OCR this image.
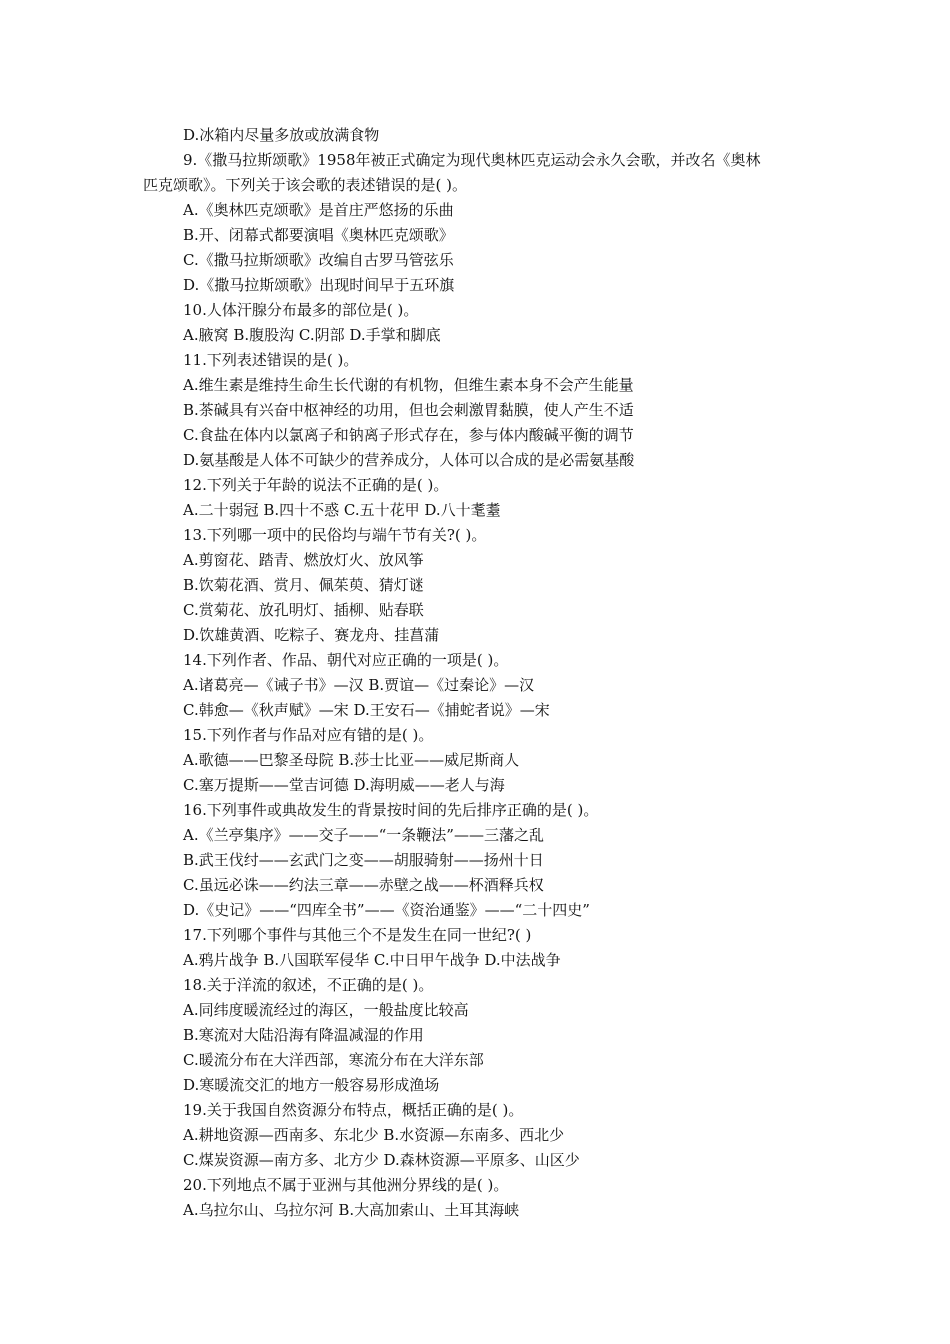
D.冰箱内尽量多放或放满食物
9.《撒马拉斯颂歌》1958年被正式确定为现代奥林匹克运动会永久会歌，并改名《奥林
匹克颂歌》。下列关于该会歌的表述错误的是( )。
A.《奥林匹克颂歌》是首庄严悠扬的乐曲
B.开、闭幕式都要演唱《奥林匹克颂歌》
C.《撒马拉斯颂歌》改编自古罗马管弦乐
D.《撒马拉斯颂歌》出现时间早于五环旗
10.人体汗腺分布最多的部位是( )。
A.腋窝 B.腹股沟 C.阴部 D.手掌和脚底
11.下列表述错误的是( )。
A.维生素是维持生命生长代谢的有机物，但维生素本身不会产生能量
B.茶碱具有兴奋中枢神经的功用，但也会刺激胃黏膜，使人产生不适
C.食盐在体内以氯离子和钠离子形式存在，参与体内酸碱平衡的调节
D.氨基酸是人体不可缺少的营养成分，人体可以合成的是必需氨基酸
12.下列关于年龄的说法不正确的是( )。
A.二十弱冠 B.四十不惑 C.五十花甲 D.八十耄耋
13.下列哪一项中的民俗均与端午节有关?( )。
A.剪窗花、踏青、燃放灯火、放风筝
B.饮菊花酒、赏月、佩茱萸、猜灯谜
C.赏菊花、放孔明灯、插柳、贴春联
D.饮雄黄酒、吃粽子、赛龙舟、挂菖蒲
14.下列作者、作品、朝代对应正确的一项是( )。
A.诸葛亮—《诫子书》—汉 B.贾谊—《过秦论》—汉
C.韩愈—《秋声赋》—宋 D.王安石—《捕蛇者说》—宋
15.下列作者与作品对应有错的是( )。
A.歌德——巴黎圣母院 B.莎士比亚——威尼斯商人
C.塞万提斯——堂吉诃德 D.海明威——老人与海
16.下列事件或典故发生的背景按时间的先后排序正确的是( )。
A.《兰亭集序》——交子——“一条鞭法”——三藩之乱
B.武王伐纣——玄武门之变——胡服骑射——扬州十日
C.虽远必诛——约法三章——赤壁之战——杯酒释兵权
D.《史记》——“四库全书”——《资治通鉴》——“二十四史”
17.下列哪个事件与其他三个不是发生在同一世纪?( )
A.鸦片战争 B.八国联军侵华 C.中日甲午战争 D.中法战争
18.关于洋流的叙述，不正确的是( )。
A.同纬度暖流经过的海区，一般盐度比较高
B.寒流对大陆沿海有降温减湿的作用
C.暖流分布在大洋西部，寒流分布在大洋东部
D.寒暖流交汇的地方一般容易形成渔场
19.关于我国自然资源分布特点，概括正确的是( )。
A.耕地资源—西南多、东北少 B.水资源—东南多、西北少
C.煤炭资源—南方多、北方少 D.森林资源—平原多、山区少
20.下列地点不属于亚洲与其他洲分界线的是( )。
A.乌拉尔山、乌拉尔河 B.大高加索山、土耳其海峡
